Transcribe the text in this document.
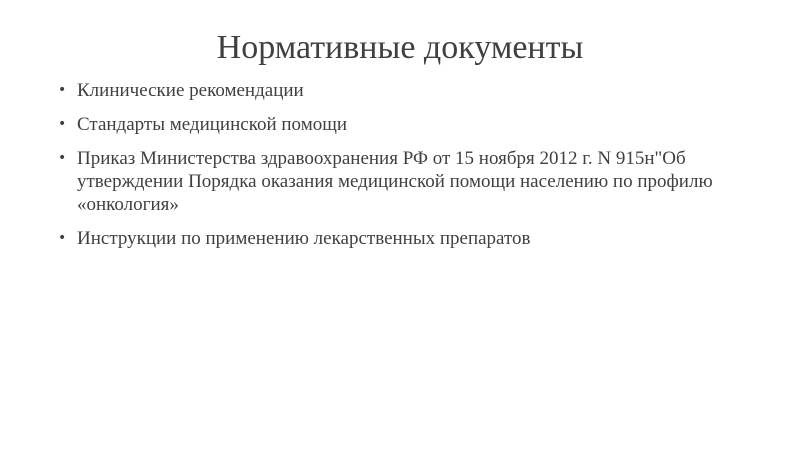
Нормативные документы
• Клинические рекомендации
• Стандарты медицинской помощи
• Приказ Министерства здравоохранения РФ от 15 ноября 2012 г. N 915н"Об утверждении Порядка оказания медицинской помощи населению по профилю «онкология»
• Инструкции по применению лекарственных препаратов
